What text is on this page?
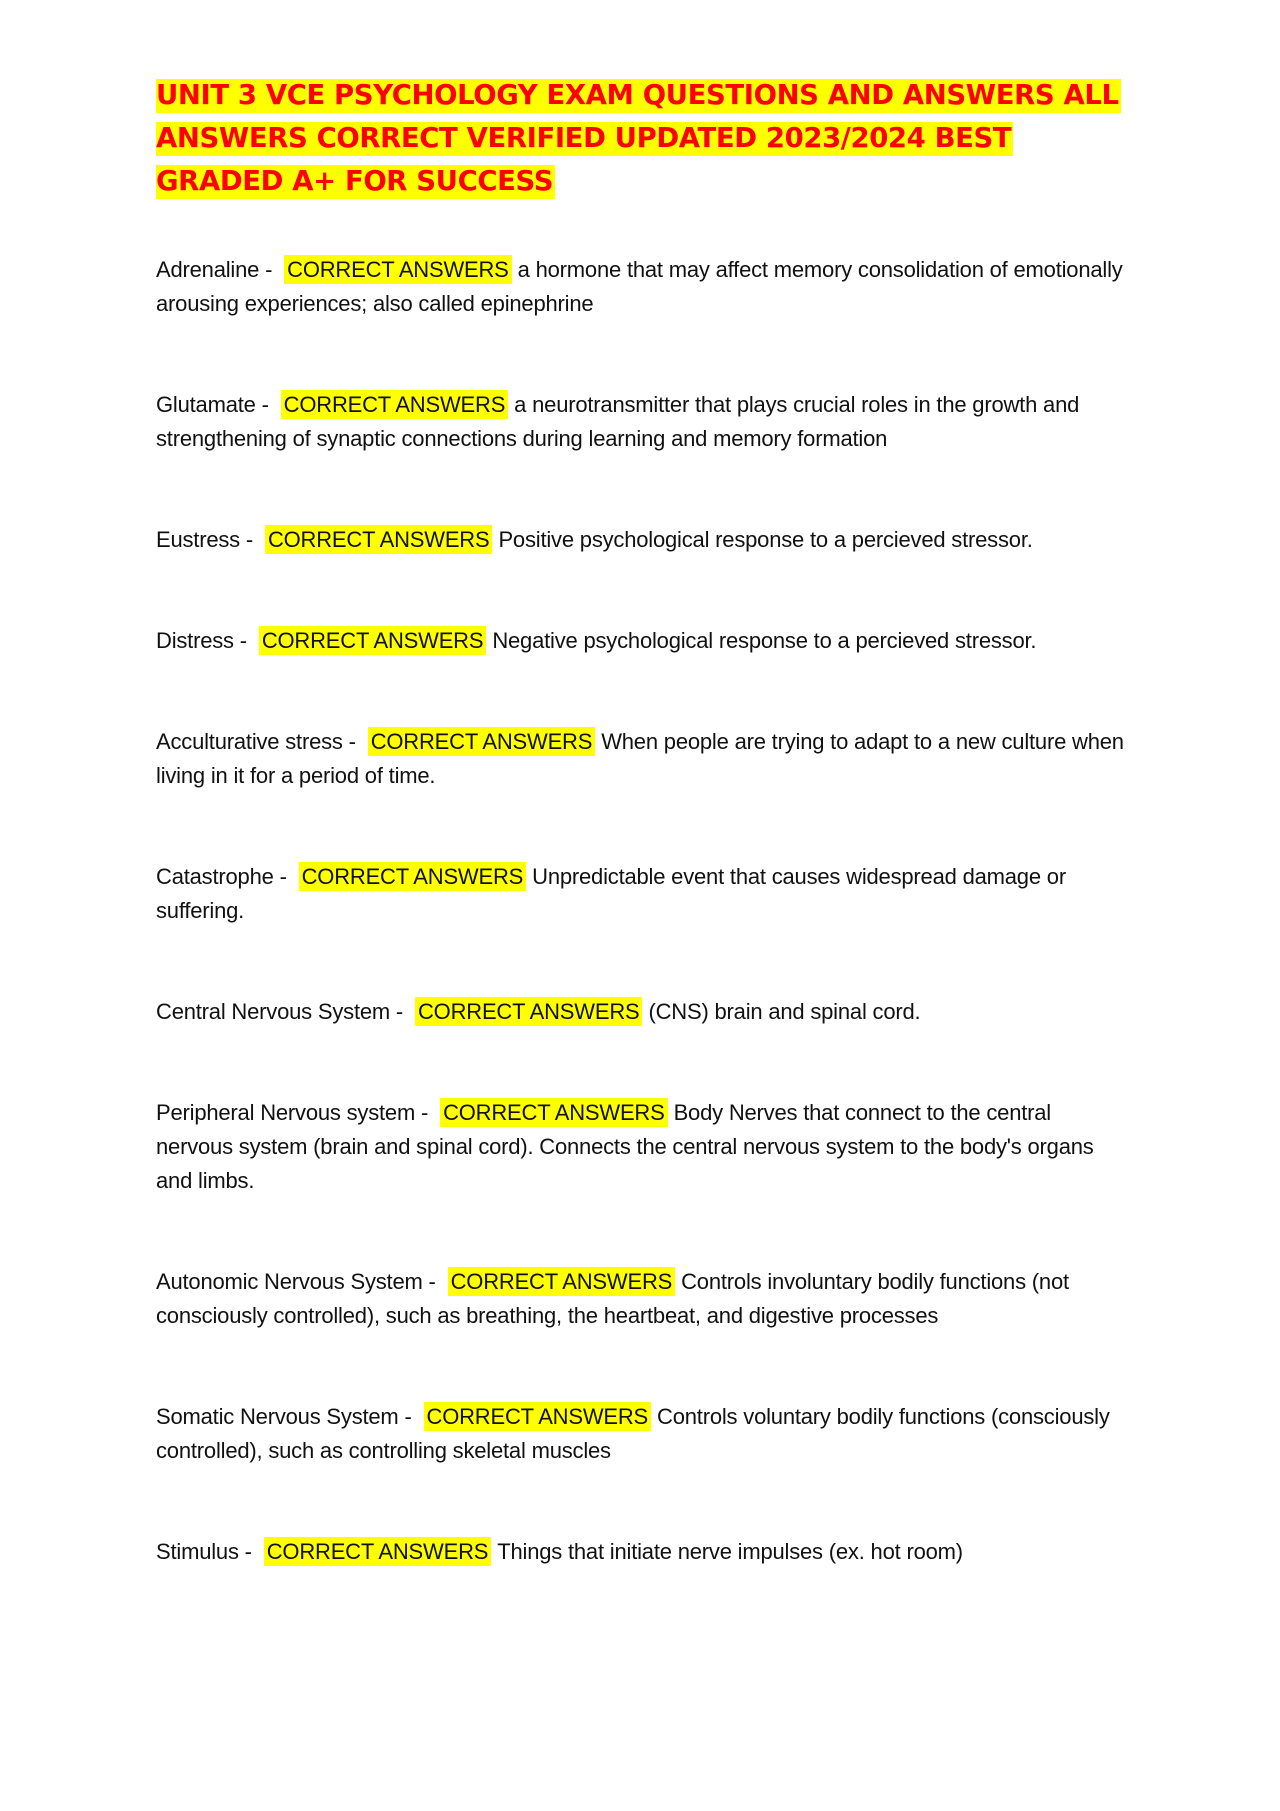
UNIT 3 VCE PSYCHOLOGY EXAM QUESTIONS AND ANSWERS ALL ANSWERS CORRECT VERIFIED UPDATED 2023/2024 BEST GRADED A+ FOR SUCCESS

Adrenaline - CORRECT ANSWERS a hormone that may affect memory consolidation of emotionally arousing experiences; also called epinephrine

Glutamate - CORRECT ANSWERS a neurotransmitter that plays crucial roles in the growth and strengthening of synaptic connections during learning and memory formation

Eustress - CORRECT ANSWERS Positive psychological response to a percieved stressor.

Distress - CORRECT ANSWERS Negative psychological response to a percieved stressor.

Acculturative stress - CORRECT ANSWERS When people are trying to adapt to a new culture when living in it for a period of time.

Catastrophe - CORRECT ANSWERS Unpredictable event that causes widespread damage or suffering.

Central Nervous System - CORRECT ANSWERS (CNS) brain and spinal cord.

Peripheral Nervous system - CORRECT ANSWERS Body Nerves that connect to the central nervous system (brain and spinal cord). Connects the central nervous system to the body's organs and limbs.

Autonomic Nervous System - CORRECT ANSWERS Controls involuntary bodily functions (not consciously controlled), such as breathing, the heartbeat, and digestive processes

Somatic Nervous System - CORRECT ANSWERS Controls voluntary bodily functions (consciously controlled), such as controlling skeletal muscles

Stimulus - CORRECT ANSWERS Things that initiate nerve impulses (ex. hot room)
